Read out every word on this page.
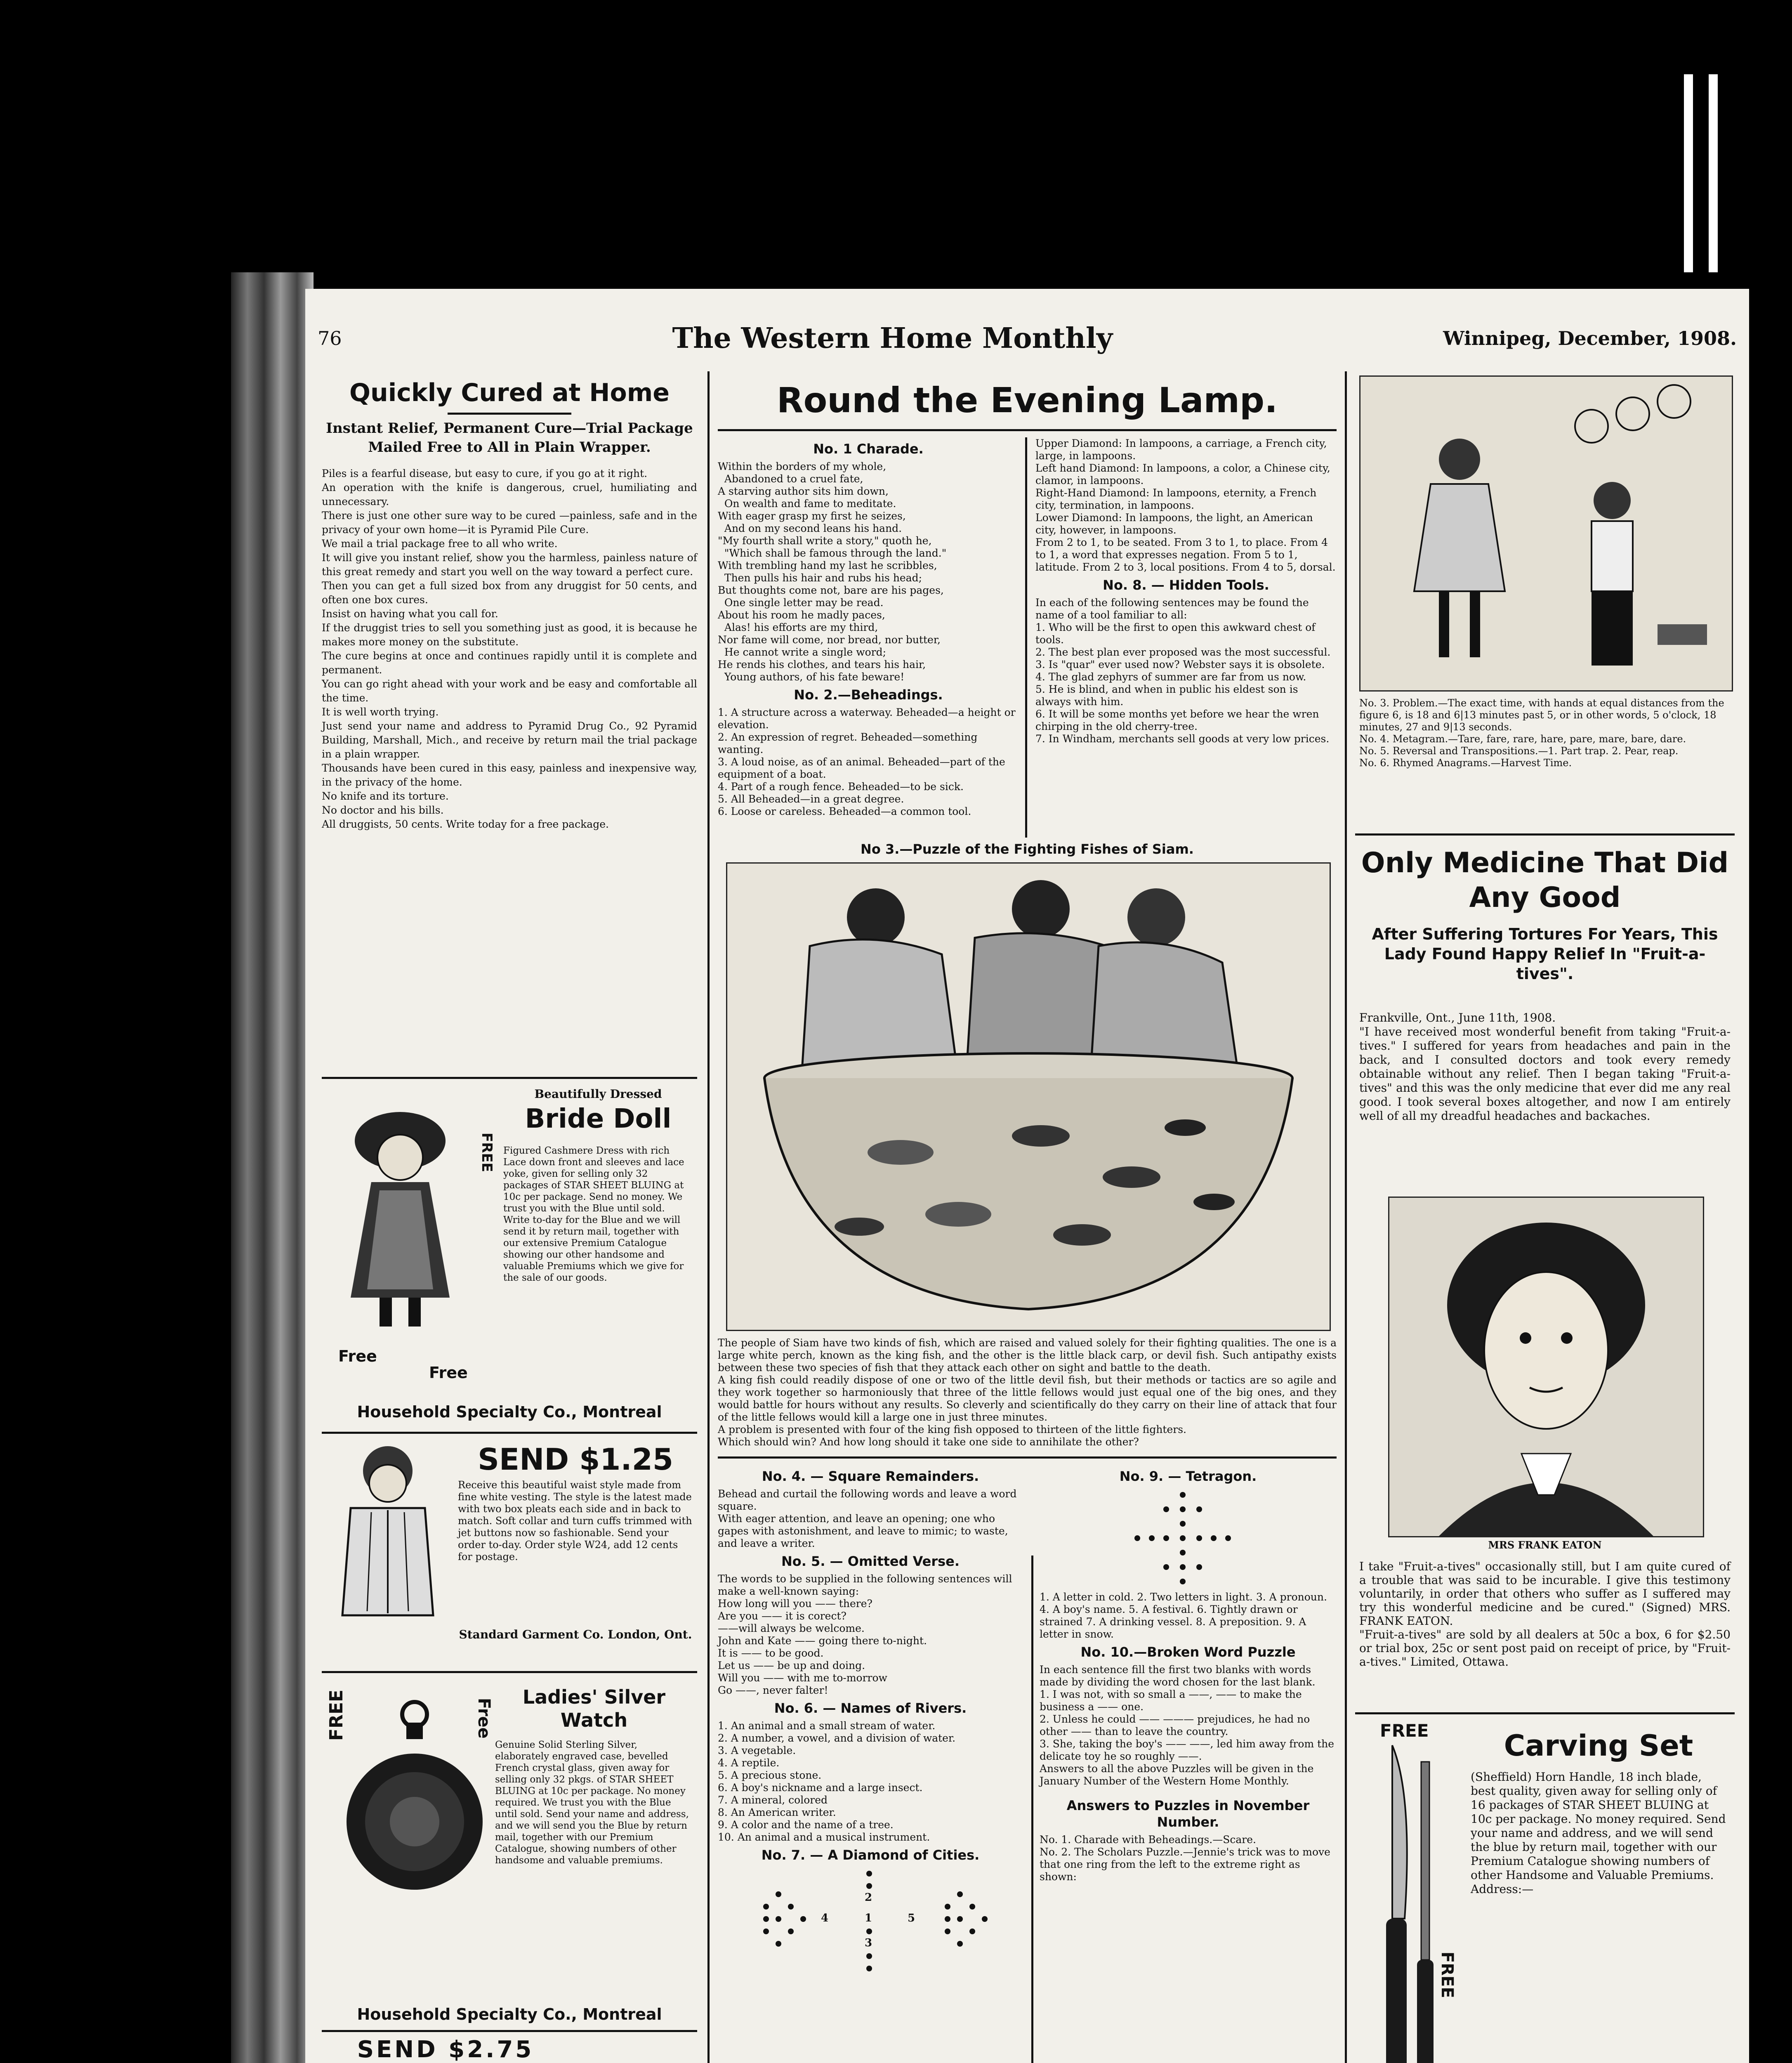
76	The Western Home Monthly	Winnipeg, December, 1908.
Quickly Cured at Home

Instant Relief, Permanent Cure—Trial Package Mailed Free to All in Plain Wrapper.

Piles is a fearful disease, but easy to cure, if you go at it right.
An operation with the knife is dangerous, cruel, humiliating and unnecessary.
There is just one other sure way to be cured —painless, safe and in the privacy of your own home—it is Pyramid Pile Cure.
We mail a trial package free to all who write.
It will give you instant relief, show you the harmless, painless nature of this great remedy and start you well on the way toward a perfect cure.
Then you can get a full sized box from any druggist for 50 cents, and often one box cures.
Insist on having what you call for.
If the druggist tries to sell you something just as good, it is because he makes more money on the substitute.
The cure begins at once and continues rapidly until it is complete and permanent.
You can go right ahead with your work and be easy and comfortable all the time.
It is well worth trying.
Just send your name and address to Pyramid Drug Co., 92 Pyramid Building, Marshall, Mich., and receive by return mail the trial package in a plain wrapper.
Thousands have been cured in this easy, painless and inexpensive way, in the privacy of the home.
No knife and its torture.
No doctor and his bills.
All druggists, 50 cents. Write today for a free package.

FREE
Free
Free
Beautifully Dressed
Bride Doll

Figured Cashmere Dress with rich Lace down front and sleeves and lace yoke, given for selling only 32 packages of STAR SHEET BLUING at 10c per package. Send no money. We trust you with the Blue until sold. Write to-day for the Blue and we will send it by return mail, together with our extensive Premium Catalogue showing our other handsome and valuable Premiums which we give for the sale of our goods.

Household Specialty Co., Montreal
SEND $1.25

Receive this beautiful waist style made from fine white vesting. The style is the latest made with two box pleats each side and in back to match. Soft collar and turn cuffs trimmed with jet buttons now so fashionable. Send your order to-day. Order style W24, add 12 cents for postage.

Standard Garment Co. London, Ont.
FREE	Free
Ladies' Silver Watch

Genuine Solid Sterling Silver, elaborately engraved case, bevelled French crystal glass, given away for selling only 32 pkgs. of STAR SHEET BLUING at 10c per package. No money required. We trust you with the Blue until sold. Send your name and address, and we will send you the Blue by return mail, together with our Premium Catalogue, showing numbers of other handsome and valuable premiums.

Household Specialty Co., Montreal
SEND $2.75

Round the Evening Lamp.
No. 1 Charade.

Within the borders of my whole,
Abandoned to a cruel fate,
A starving author sits him down,
On wealth and fame to meditate.
With eager grasp my first he seizes,
And on my second leans his hand.
"My fourth shall write a story," quoth he,
"Which shall be famous through the land."
With trembling hand my last he scribbles,
Then pulls his hair and rubs his head;
But thoughts come not, bare are his pages,
One single letter may be read.
About his room he madly paces,
Alas! his efforts are my third,
Nor fame will come, nor bread, nor butter,
He cannot write a single word;
He rends his clothes, and tears his hair,
Young authors, of his fate beware!

No. 2.—Beheadings.

1. A structure across a waterway. Beheaded—a height or elevation.
2. An expression of regret. Beheaded—something wanting.
3. A loud noise, as of an animal. Beheaded—part of the equipment of a boat.
4. Part of a rough fence. Beheaded—to be sick.
5. All Beheaded—in a great degree.
6. Loose or careless. Beheaded—a common tool.

Upper Diamond: In lampoons, a carriage, a French city, large, in lampoons.
Left hand Diamond: In lampoons, a color, a Chinese city, clamor, in lampoons.
Right-Hand Diamond: In lampoons, eternity, a French city, termination, in lampoons.
Lower Diamond: In lampoons, the light, an American city, however, in lampoons.
From 2 to 1, to be seated. From 3 to 1, to place. From 4 to 1, a word that expresses negation. From 5 to 1, latitude. From 2 to 3, local positions. From 4 to 5, dorsal.

No. 8. — Hidden Tools.

In each of the following sentences may be found the name of a tool familiar to all:
1. Who will be the first to open this awkward chest of tools.
2. The best plan ever proposed was the most successful.
3. Is "quar" ever used now? Webster says it is obsolete.
4. The glad zephyrs of summer are far from us now.
5. He is blind, and when in public his eldest son is always with him.
6. It will be some months yet before we hear the wren chirping in the old cherry-tree.
7. In Windham, merchants sell goods at very low prices.

No 3.—Puzzle of the Fighting Fishes of Siam.

The people of Siam have two kinds of fish, which are raised and valued solely for their fighting qualities. The one is a large white perch, known as the king fish, and the other is the little black carp, or devil fish. Such antipathy exists between these two species of fish that they attack each other on sight and battle to the death.
A king fish could readily dispose of one or two of the little devil fish, but their methods or tactics are so agile and they work together so harmoniously that three of the little fellows would just equal one of the big ones, and they would battle for hours without any results. So cleverly and scientifically do they carry on their line of attack that four of the little fellows would kill a large one in just three minutes.
A problem is presented with four of the king fish opposed to thirteen of the little fighters.
Which should win? And how long should it take one side to annihilate the other?

No. 4. — Square Remainders.

Behead and curtail the following words and leave a word square.
With eager attention, and leave an opening; one who gapes with astonishment, and leave to mimic; to waste, and leave a writer.

No. 5. — Omitted Verse.

The words to be supplied in the following sentences will make a well-known saying:
How long will you —— there?
Are you —— it is corect?
——will always be welcome.
John and Kate —— going there to-night.
It is —— to be good.
Let us —— be up and doing.
Will you —— with me to-morrow
Go ——, never falter!

No. 6. — Names of Rivers.

1. An animal and a small stream of water.
2. A number, a vowel, and a division of water.
3. A vegetable.
4. A reptile.
5. A precious stone.
6. A boy's nickname and a large insect.
7. A mineral, colored
8. An American writer.
9. A color and the name of a tree.
10. An animal and a musical instrument.

No. 7. — A Diamond of Cities.
1
2
3
4	5
No. 9. — Tetragon.

1. A letter in cold. 2. Two letters in light. 3. A pronoun. 4. A boy's name. 5. A festival. 6. Tightly drawn or strained 7. A drinking vessel. 8. A preposition. 9. A letter in snow.

No. 10.—Broken Word Puzzle

In each sentence fill the first two blanks with words made by dividing the word chosen for the last blank.
1. I was not, with so small a ——, —— to make the business a —— one.
2. Unless he could —— ——— prejudices, he had no other —— than to leave the country.
3. She, taking the boy's —— ——, led him away from the delicate toy he so roughly ——.
Answers to all the above Puzzles will be given in the January Number of the Western Home Monthly.

Answers to Puzzles in November Number.

No. 1. Charade with Beheadings.—Scare.
No. 2. The Scholars Puzzle.—Jennie's trick was to move that one ring from the left to the extreme right as shown:

No. 3. Problem.—The exact time, with hands at equal distances from the figure 6, is 18 and 6|13 minutes past 5, or in other words, 5 o'clock, 18 minutes, 27 and 9|13 seconds.
No. 4. Metagram.—Tare, fare, rare, hare, pare, mare, bare, dare.
No. 5. Reversal and Transpositions.—1. Part trap. 2. Pear, reap.
No. 6. Rhymed Anagrams.—Harvest Time.

Only Medicine That Did Any Good

After Suffering Tortures For Years, This Lady Found Happy Relief In "Fruit-a-tives".

Frankville, Ont., June 11th, 1908.
"I have received most wonderful benefit from taking "Fruit-a-tives." I suffered for years from headaches and pain in the back, and I consulted doctors and took every remedy obtainable without any relief. Then I began taking "Fruit-a-tives" and this was the only medicine that ever did me any real good. I took several boxes altogether, and now I am entirely well of all my dreadful headaches and backaches.

MRS FRANK EATON

I take "Fruit-a-tives" occasionally still, but I am quite cured of a trouble that was said to be incurable. I give this testimony voluntarily, in order that others who suffer as I suffered may try this wonderful medicine and be cured." (Signed) MRS. FRANK EATON.
"Fruit-a-tives" are sold by all dealers at 50c a box, 6 for $2.50 or trial box, 25c or sent post paid on receipt of price, by "Fruit-a-tives." Limited, Ottawa.

FREE
FREE
Carving Set

(Sheffield) Horn Handle, 18 inch blade, best quality, given away for selling only of 16 packages of STAR SHEET BLUING at 10c per package. No money required. Send your name and address, and we will send the blue by return mail, together with our Premium Catalogue showing numbers of other Handsome and Valuable Premiums.
Address:—
